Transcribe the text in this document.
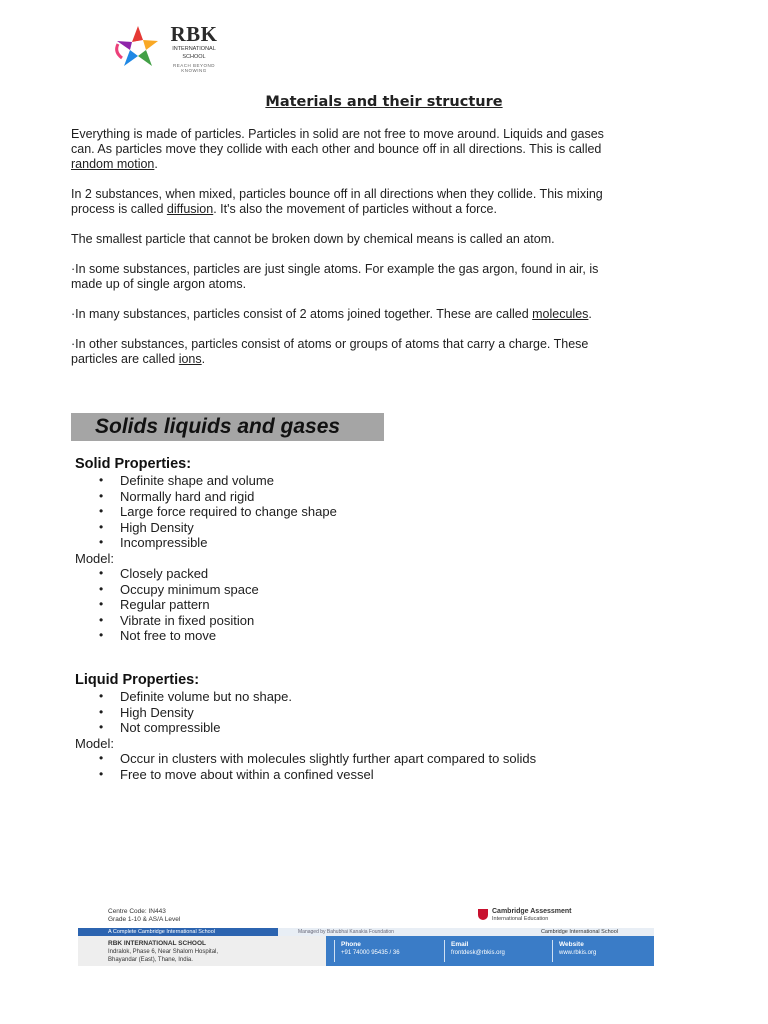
RBK
INTERNATIONAL
SCHOOL
REACH BEYOND KNOWING
Materials and their structure

Everything is made of particles. Particles in solid are not free to move around. Liquids and gases can. As particles move they collide with each other and bounce off in all directions. This is called random motion.

In 2 substances, when mixed, particles bounce off in all directions when they collide. This mixing process is called diffusion. It's also the movement of particles without a force.

The smallest particle that cannot be broken down by chemical means is called an atom.

·In some substances, particles are just single atoms. For example the gas argon, found in air, is made up of single argon atoms.

·In many substances, particles consist of 2 atoms joined together. These are called molecules.

·In other substances, particles consist of atoms or groups of atoms that carry a charge. These particles are called ions.

Solids liquids and gases
Solid Properties:
• Definite shape and volume
• Normally hard and rigid
• Large force required to change shape
• High Density
• Incompressible
Model:
• Closely packed
• Occupy minimum space
• Regular pattern
• Vibrate in fixed position
• Not free to move
Liquid Properties:
• Definite volume but no shape.
• High Density
• Not compressible
Model:
• Occur in clusters with molecules slightly further apart compared to solids
• Free to move about within a confined vessel
Centre Code: IN443
Grade 1-10 & AS/A Level
Cambridge Assessment
International Education
A Complete Cambridge International School	Managed by Bahubhai Kanakia Foundation	Cambridge International School
RBK INTERNATIONAL SCHOOL
Indralok, Phase 6, Near Shalom Hospital,
Bhayandar (East), Thane, India.
Phone
+91 74000 95435 / 36
Email
frontdesk@rbkis.org
Website
www.rbkis.org
